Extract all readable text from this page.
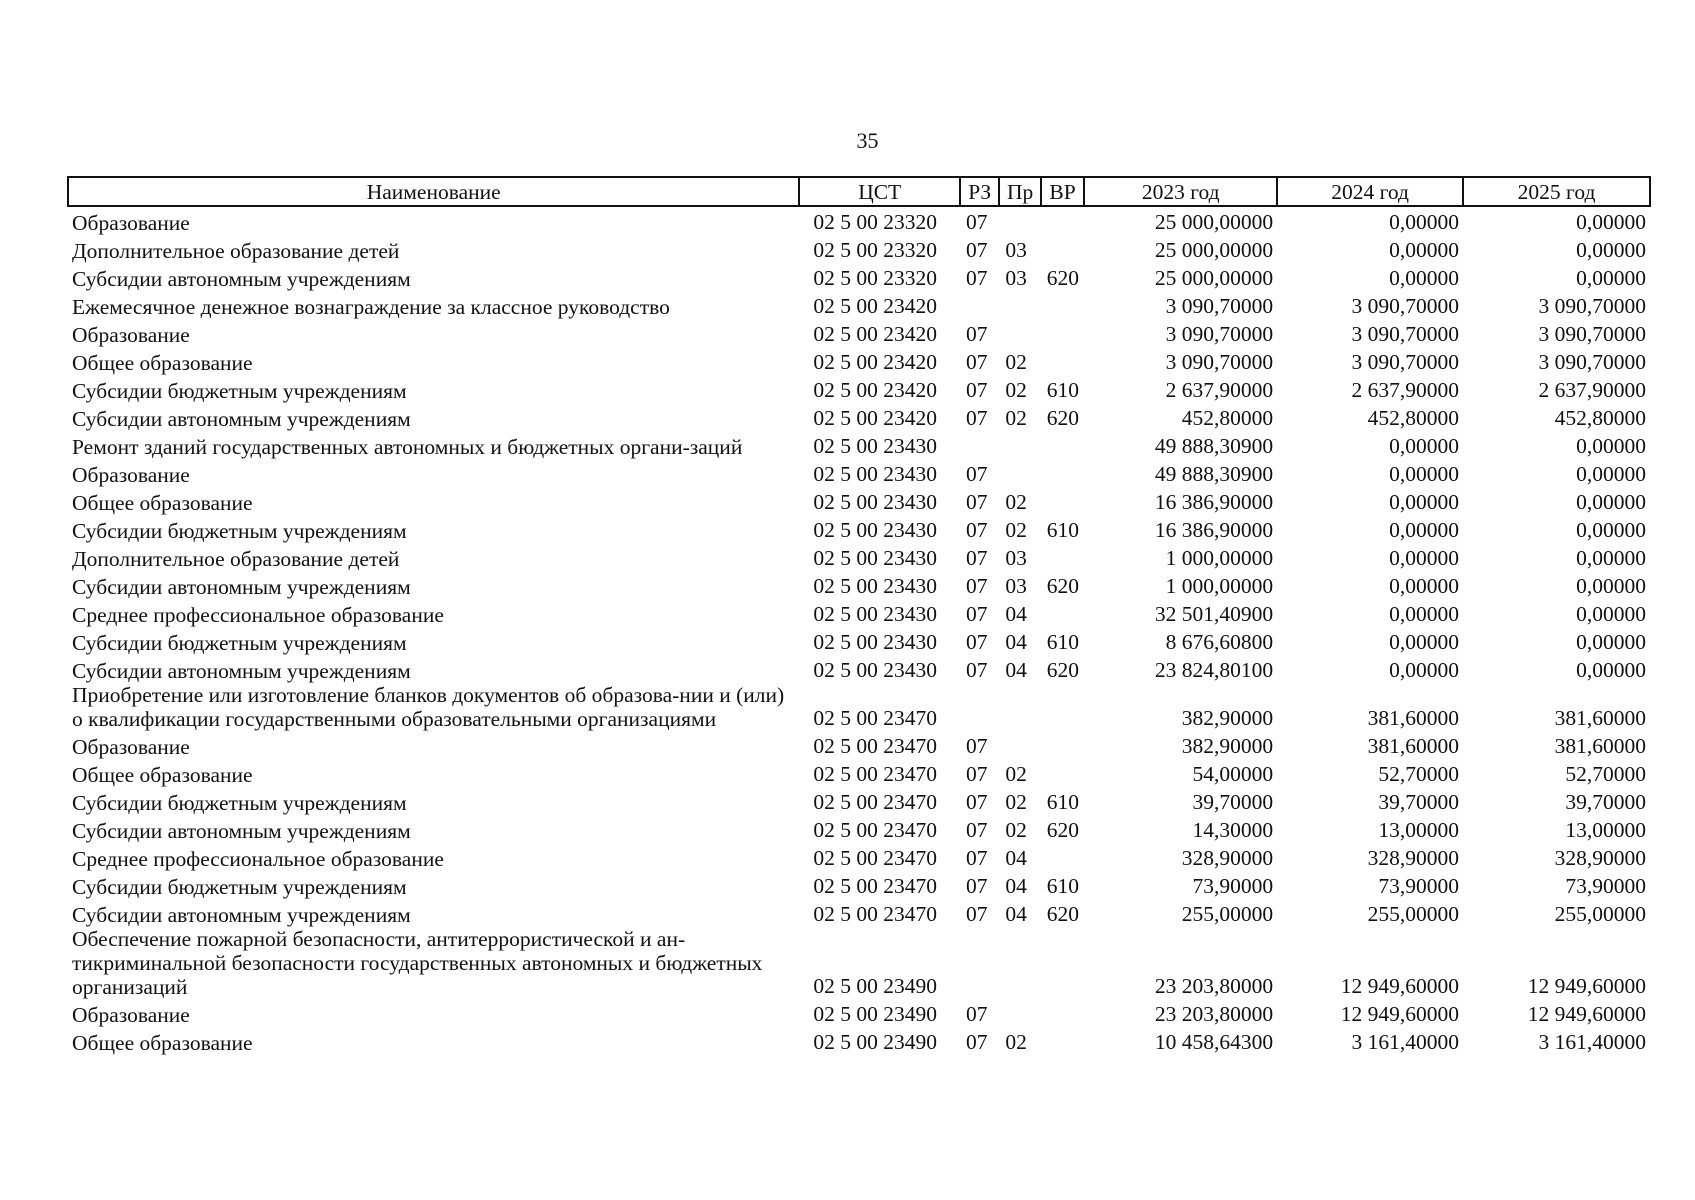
35
Наименование	ЦСТ	РЗ	Пр	ВР	2023 год	2024 год	2025 год
Образование	02 5 00 23320	07			25 000,00000	0,00000	0,00000
Дополнительное образование детей	02 5 00 23320	07	03		25 000,00000	0,00000	0,00000
Субсидии автономным учреждениям	02 5 00 23320	07	03	620	25 000,00000	0,00000	0,00000
Ежемесячное денежное вознаграждение за классное руководство	02 5 00 23420				3 090,70000	3 090,70000	3 090,70000
Образование	02 5 00 23420	07			3 090,70000	3 090,70000	3 090,70000
Общее образование	02 5 00 23420	07	02		3 090,70000	3 090,70000	3 090,70000
Субсидии бюджетным учреждениям	02 5 00 23420	07	02	610	2 637,90000	2 637,90000	2 637,90000
Субсидии автономным учреждениям	02 5 00 23420	07	02	620	452,80000	452,80000	452,80000
Ремонт зданий государственных автономных и бюджетных органи-заций	02 5 00 23430				49 888,30900	0,00000	0,00000
Образование	02 5 00 23430	07			49 888,30900	0,00000	0,00000
Общее образование	02 5 00 23430	07	02		16 386,90000	0,00000	0,00000
Субсидии бюджетным учреждениям	02 5 00 23430	07	02	610	16 386,90000	0,00000	0,00000
Дополнительное образование детей	02 5 00 23430	07	03		1 000,00000	0,00000	0,00000
Субсидии автономным учреждениям	02 5 00 23430	07	03	620	1 000,00000	0,00000	0,00000
Среднее профессиональное образование	02 5 00 23430	07	04		32 501,40900	0,00000	0,00000
Субсидии бюджетным учреждениям	02 5 00 23430	07	04	610	8 676,60800	0,00000	0,00000
Субсидии автономным учреждениям	02 5 00 23430	07	04	620	23 824,80100	0,00000	0,00000
Приобретение или изготовление бланков документов об образова-нии и (или) о квалификации государственными образовательными организациями	02 5 00 23470				382,90000	381,60000	381,60000
Образование	02 5 00 23470	07			382,90000	381,60000	381,60000
Общее образование	02 5 00 23470	07	02		54,00000	52,70000	52,70000
Субсидии бюджетным учреждениям	02 5 00 23470	07	02	610	39,70000	39,70000	39,70000
Субсидии автономным учреждениям	02 5 00 23470	07	02	620	14,30000	13,00000	13,00000
Среднее профессиональное образование	02 5 00 23470	07	04		328,90000	328,90000	328,90000
Субсидии бюджетным учреждениям	02 5 00 23470	07	04	610	73,90000	73,90000	73,90000
Субсидии автономным учреждениям	02 5 00 23470	07	04	620	255,00000	255,00000	255,00000
Обеспечение пожарной безопасности, антитеррористической и ан-тикриминальной безопасности государственных автономных и бюджетных организаций	02 5 00 23490				23 203,80000	12 949,60000	12 949,60000
Образование	02 5 00 23490	07			23 203,80000	12 949,60000	12 949,60000
Общее образование	02 5 00 23490	07	02		10 458,64300	3 161,40000	3 161,40000
